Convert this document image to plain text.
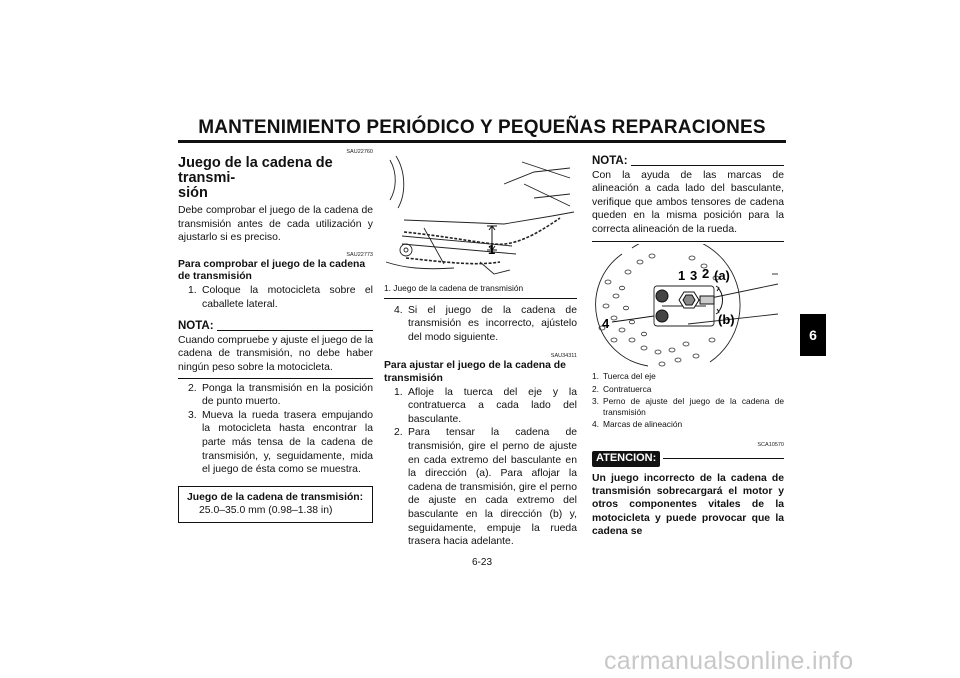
MANTENIMIENTO PERIÓDICO Y PEQUEÑAS REPARACIONES
SAU22760
Juego de la cadena de transmi-
sión

Debe comprobar el juego de la cadena de transmisión antes de cada utilización y ajustarlo si es preciso.

SAU22773
Para comprobar el juego de la cadena de transmisión
1. Coloque la motocicleta sobre el caballete lateral.
NOTA:

Cuando compruebe y ajuste el juego de la cadena de transmisión, no debe haber ningún peso sobre la motocicleta.

2. Ponga la transmisión en la posición de punto muerto.
3. Mueva la rueda trasera empujando la motocicleta hasta encontrar la parte más tensa de la cadena de transmisión, y, seguidamente, mida el juego de ésta como se muestra.
Juego de la cadena de transmisión:
25.0–35.0 mm (0.98–1.38 in)
1
1. Juego de la cadena de transmisión
4. Si el juego de la cadena de transmisión es incorrecto, ajústelo del modo siguiente.
SAU34311
Para ajustar el juego de la cadena de transmisión
1. Afloje la tuerca del eje y la contratuerca a cada lado del basculante.
2. Para tensar la cadena de transmisión, gire el perno de ajuste en cada extremo del basculante en la dirección (a). Para aflojar la cadena de transmisión, gire el perno de ajuste en cada extremo del basculante en la dirección (b) y, seguidamente, empuje la rueda trasera hacia adelante.
NOTA:

Con la ayuda de las marcas de alineación a cada lado del basculante, verifique que ambos tensores de cadena queden en la misma posición para la correcta alineación de la rueda.

1 3 2 (a)
(b)
4
1. Tuerca del eje
2. Contratuerca
3. Perno de ajuste del juego de la cadena de transmisión
4. Marcas de alineación
SCA10570
ATENCION:

Un juego incorrecto de la cadena de transmisión sobrecargará el motor y otros componentes vitales de la motocicleta y puede provocar que la cadena se

6
6-23
carmanualsonline.info
